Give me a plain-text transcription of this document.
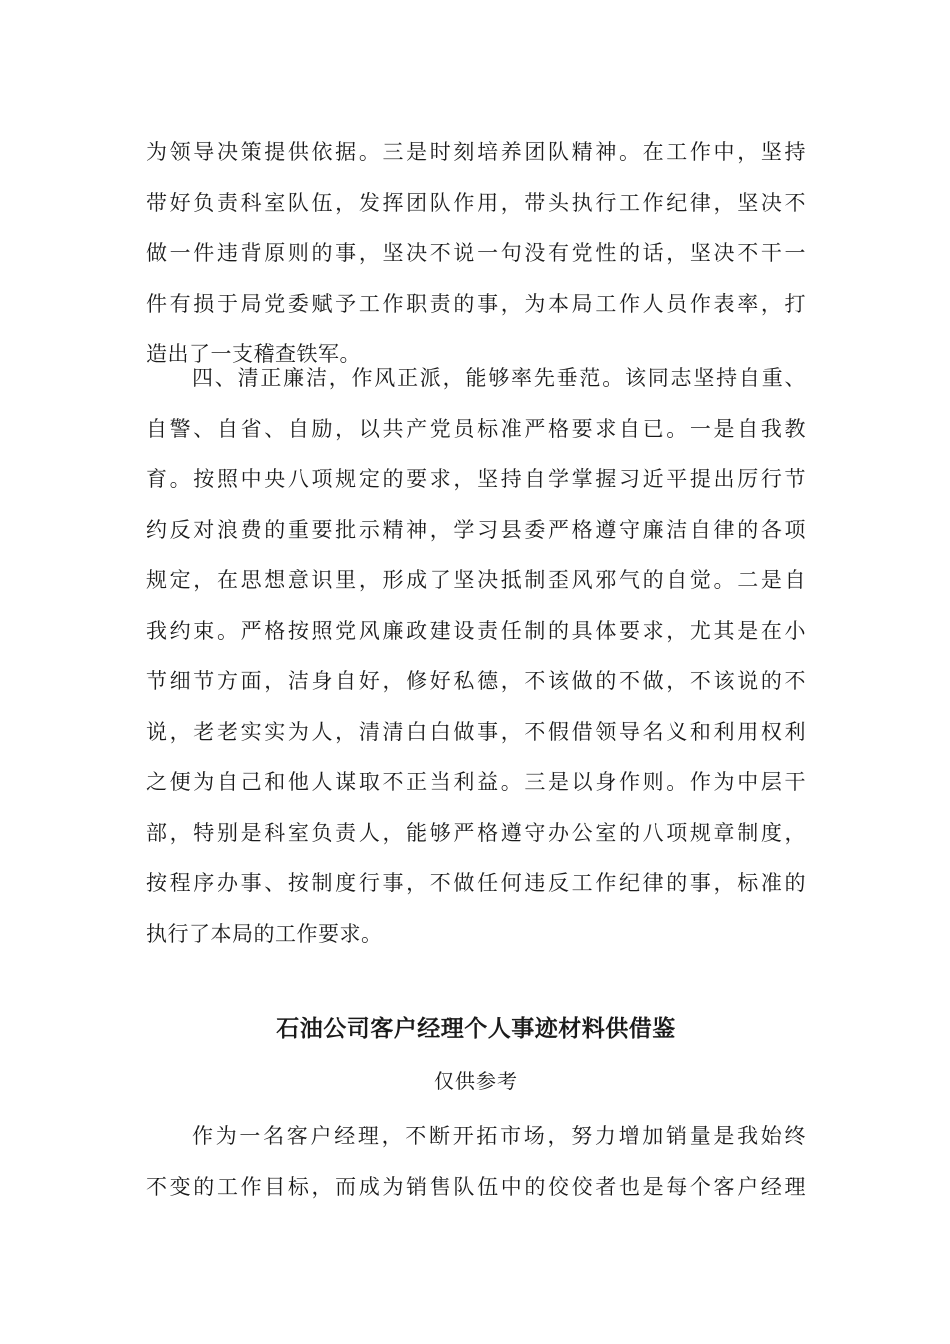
为领导决策提供依据。三是时刻培养团队精神。在工作中，坚持
带好负责科室队伍，发挥团队作用，带头执行工作纪律，坚决不
做一件违背原则的事，坚决不说一句没有党性的话，坚决不干一
件有损于局党委赋予工作职责的事，为本局工作人员作表率，打
造出了一支稽查铁军。
四、清正廉洁，作风正派，能够率先垂范。该同志坚持自重、
自警、自省、自励，以共产党员标准严格要求自已。一是自我教
育。按照中央八项规定的要求，坚持自学掌握习近平提出厉行节
约反对浪费的重要批示精神，学习县委严格遵守廉洁自律的各项
规定，在思想意识里，形成了坚决抵制歪风邪气的自觉。二是自
我约束。严格按照党风廉政建设责任制的具体要求，尤其是在小
节细节方面，洁身自好，修好私德，不该做的不做，不该说的不
说，老老实实为人，清清白白做事，不假借领导名义和利用权利
之便为自己和他人谋取不正当利益。三是以身作则。作为中层干
部，特别是科室负责人，能够严格遵守办公室的八项规章制度，
按程序办事、按制度行事，不做任何违反工作纪律的事，标准的
执行了本局的工作要求。
石油公司客户经理个人事迹材料供借鉴
仅供参考
作为一名客户经理，不断开拓市场，努力增加销量是我始终
不变的工作目标，而成为销售队伍中的佼佼者也是每个客户经理
